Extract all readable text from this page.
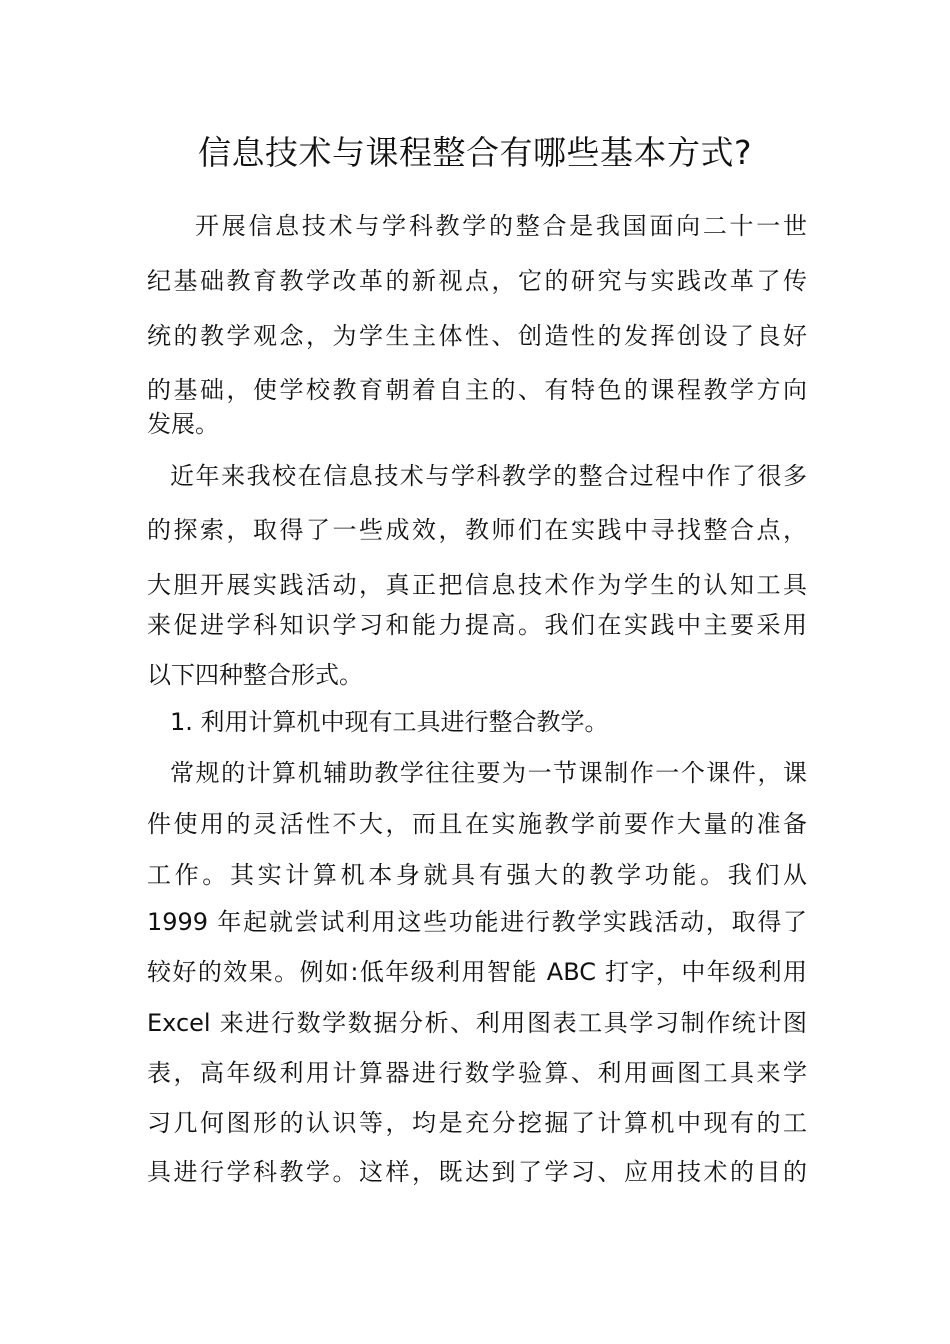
信息技术与课程整合有哪些基本方式?
开展信息技术与学科教学的整合是我国面向二十一世
纪基础教育教学改革的新视点，它的研究与实践改革了传
统的教学观念，为学生主体性、创造性的发挥创设了良好
的基础，使学校教育朝着自主的、有特色的课程教学方向
发展。
近年来我校在信息技术与学科教学的整合过程中作了很多
的探索，取得了一些成效，教师们在实践中寻找整合点，
大胆开展实践活动，真正把信息技术作为学生的认知工具
来促进学科知识学习和能力提高。我们在实践中主要采用
以下四种整合形式。
1. 利用计算机中现有工具进行整合教学。
常规的计算机辅助教学往往要为一节课制作一个课件，课
件使用的灵活性不大，而且在实施教学前要作大量的准备
工作。其实计算机本身就具有强大的教学功能。我们从
1999 年起就尝试利用这些功能进行教学实践活动，取得了
较好的效果。例如:低年级利用智能 ABC 打字，中年级利用
Excel 来进行数学数据分析、利用图表工具学习制作统计图
表，高年级利用计算器进行数学验算、利用画图工具来学
习几何图形的认识等，均是充分挖掘了计算机中现有的工
具进行学科教学。这样，既达到了学习、应用技术的目的
